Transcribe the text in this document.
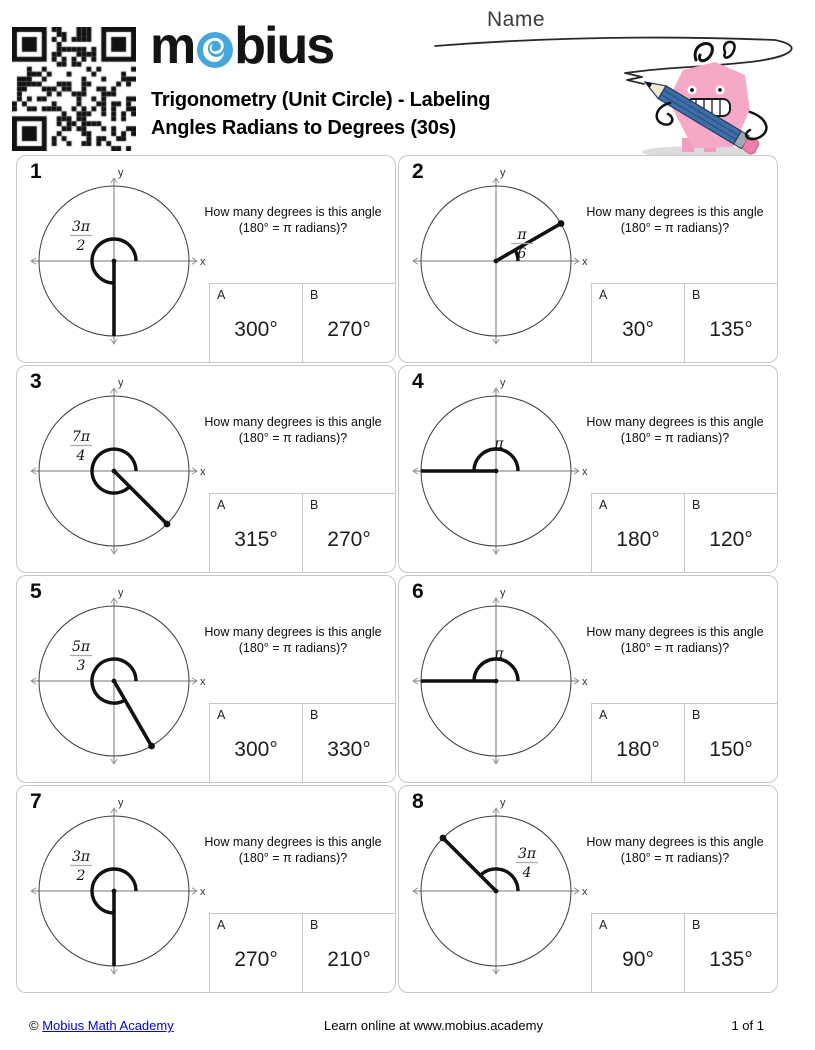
m bius
Trigonometry (Unit Circle) - Labeling
Angles Radians to Degrees (30s)
Name
1
x
y
3π
2
How many degrees is this angle
(180° = π radians)?
A
300°
B
270°
2
x
y
π
6
How many degrees is this angle
(180° = π radians)?
A
30°
B
135°
3
x
y
7π
4
How many degrees is this angle
(180° = π radians)?
A
315°
B
270°
4
x
y
π
How many degrees is this angle
(180° = π radians)?
A
180°
B
120°
5
x
y
5π
3
How many degrees is this angle
(180° = π radians)?
A
300°
B
330°
6
x
y
π
How many degrees is this angle
(180° = π radians)?
A
180°
B
150°
7
x
y
3π
2
How many degrees is this angle
(180° = π radians)?
A
270°
B
210°
8
x
y
3π
4
How many degrees is this angle
(180° = π radians)?
A
90°
B
135°
© Mobius Math Academy	Learn online at www.mobius.academy	1 of 1
